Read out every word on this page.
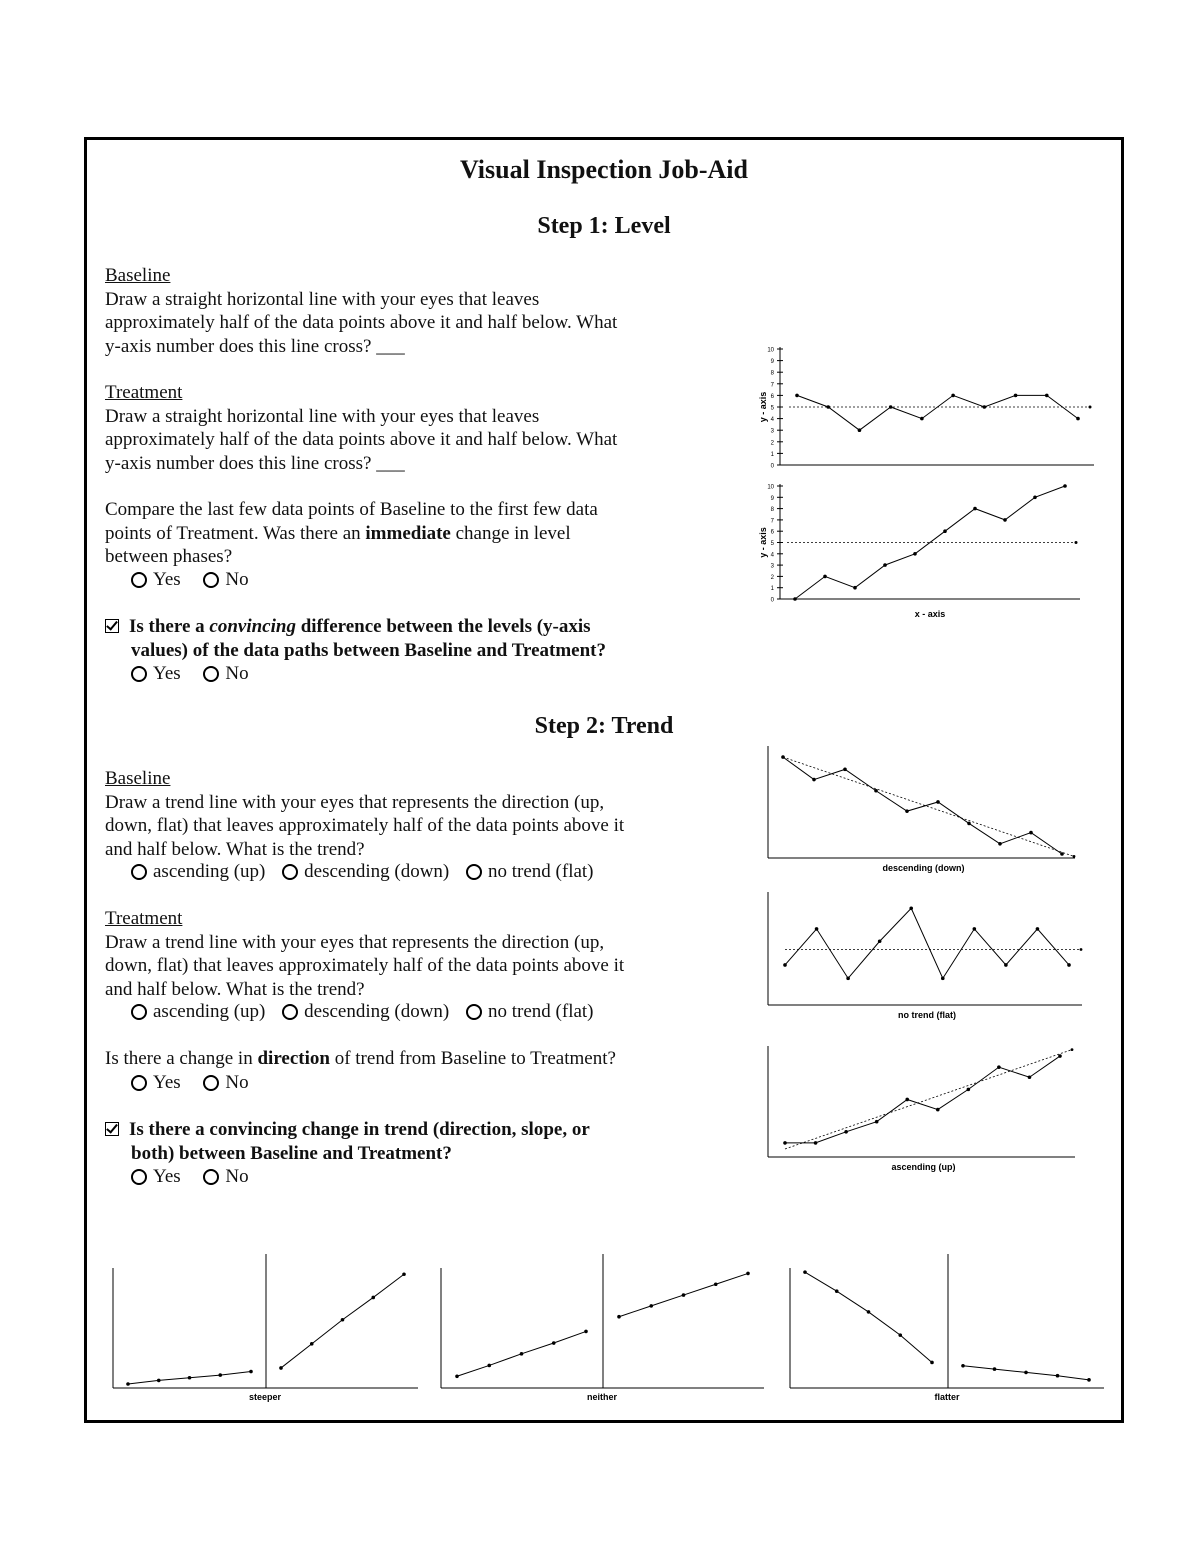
Visual Inspection Job-Aid
Step 1: Level
Baseline
Draw a straight horizontal line with your eyes that leaves
approximately half of the data points above it and half below. What
y-axis number does this line cross? ___
Treatment
Draw a straight horizontal line with your eyes that leaves
approximately half of the data points above it and half below. What
y-axis number does this line cross? ___
Compare the last few data points of Baseline to the first few data
points of Treatment. Was there an immediate change in level
between phases?
Yes
No
Is there a convincing difference between the levels (y-axis
values) of the data paths between Baseline and Treatment?
Yes
No
Step 2: Trend
Baseline
Draw a trend line with your eyes that represents the direction (up,
down, flat) that leaves approximately half of the data points above it
and half below. What is the trend?
ascending (up)
descending (down)
no trend (flat)
Treatment
Draw a trend line with your eyes that represents the direction (up,
down, flat) that leaves approximately half of the data points above it
and half below. What is the trend?
ascending (up)
descending (down)
no trend (flat)
Is there a change in direction of trend from Baseline to Treatment?
Yes
No
Is there a convincing change in trend (direction, slope, or
both) between Baseline and Treatment?
Yes
No
0
1
2
3
4
5
6
7
8
9
10
y - axis
0
1
2
3
4
5
6
7
8
9
10
y - axis
x - axis
descending (down)
no trend (flat)
ascending (up)
steeper	neither	flatter
